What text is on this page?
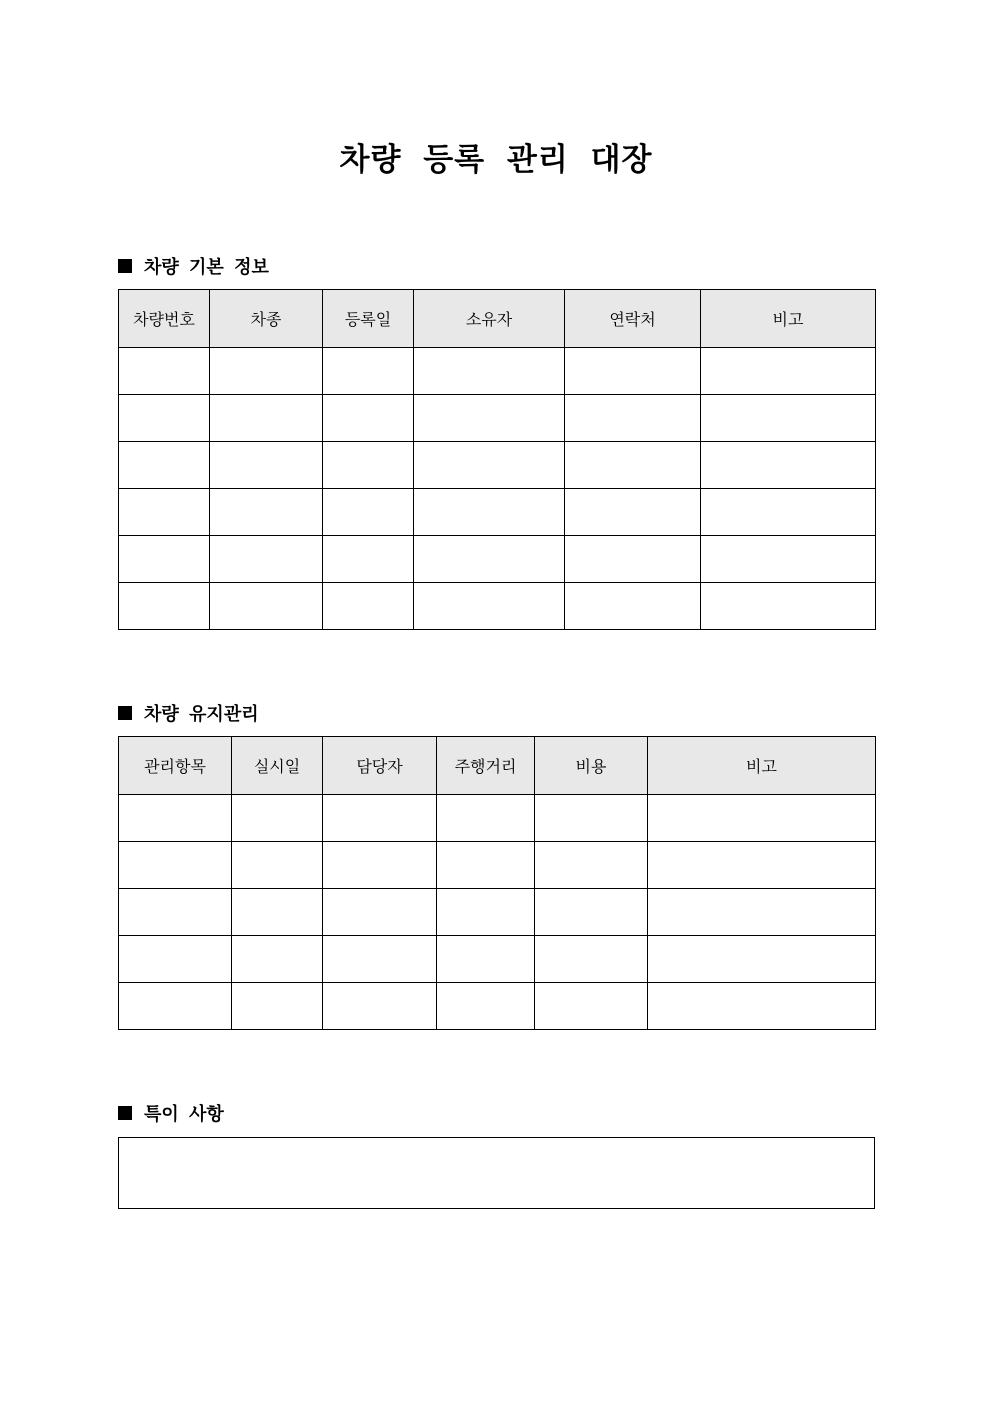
차량 등록 관리 대장
차량 기본 정보
차량번호	차종	등록일	소유자	연락처	비고

차량 유지관리
관리항목	실시일	담당자	주행거리	비용	비고

특이 사항
